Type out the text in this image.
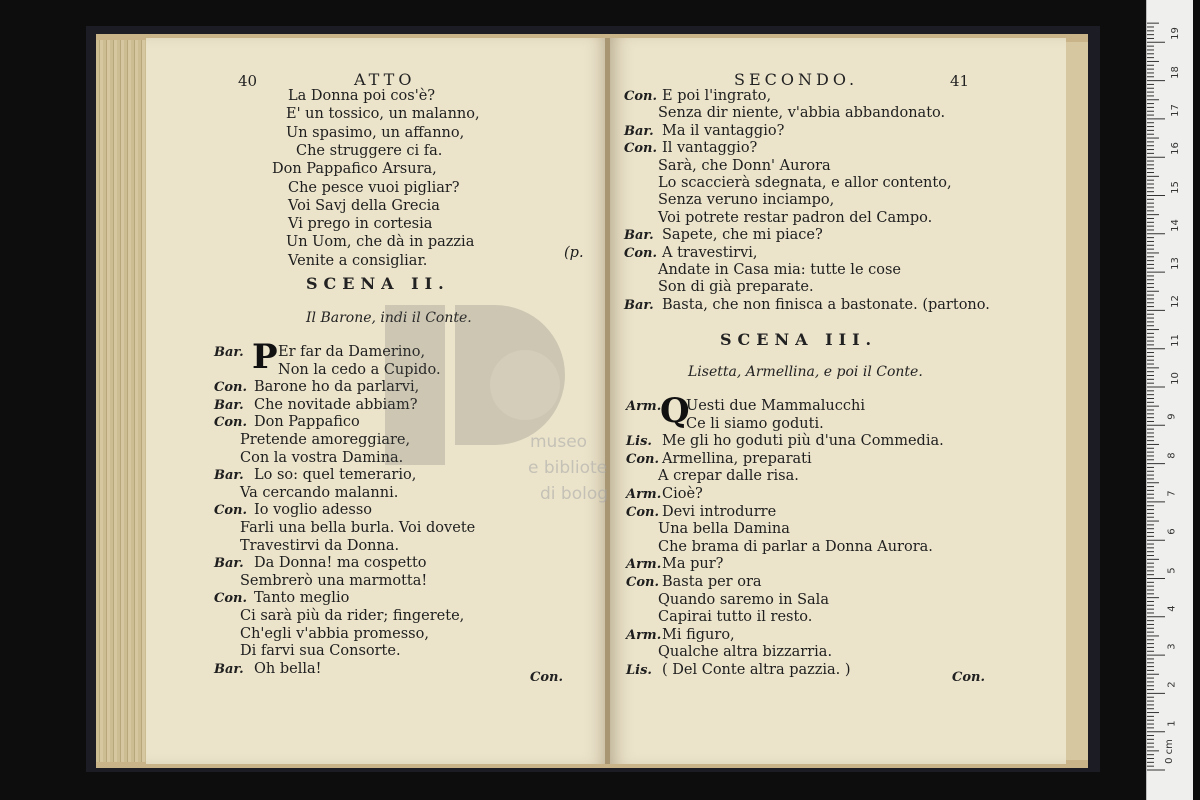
40	ATTO
La Donna poi cos'è?
E' un tossico, un malanno,
Un spasimo, un affanno,
Che struggere ci fa.
Don Pappafico Arsura,
Che pesce vuoi pigliar?
Voi Savj della Grecia
Vi prego in cortesia
Un Uom, che dà in pazzia
Venite a consigliar.	(p.
SCENA II.
Il Barone, indi il Conte.
Bar. P Er far da Damerino,
Non la cedo a Cupido.
Con. Barone ho da parlarvi,
Bar. Che novitade abbiam?
Con. Don Pappafico
Pretende amoreggiare,
Con la vostra Damina.
Bar. Lo so: quel temerario,
Va cercando malanni.
Con. Io voglio adesso
Farli una bella burla. Voi dovete
Travestirvi da Donna.
Bar. Da Donna! ma cospetto
Sembrerò una marmotta!
Con. Tanto meglio
Ci sarà più da rider; fingerete,
Ch'egli v'abbia promesso,
Di farvi sua Consorte.
Bar. Oh bella!
Con.
SECONDO.	41
Con. E poi l'ingrato,
Senza dir niente, v'abbia abbandonato.
Bar. Ma il vantaggio?
Con. Il vantaggio?
Sarà, che Donn' Aurora
Lo scaccierà sdegnata, e allor contento,
Senza veruno inciampo,
Voi potrete restar padron del Campo.
Bar. Sapete, che mi piace?
Con. A travestirvi,
Andate in Casa mia: tutte le cose
Son di già preparate.
Bar. Basta, che non finisca a bastonate. (partono.
SCENA III.
Lisetta, Armellina, e poi il Conte.
Arm.
Q
Uesti due Mammalucchi
Ce li siamo goduti.
Lis. Me gli ho goduti più d'una Commedia.
Con. Armellina, preparati
A crepar dalle risa.
Arm. Cioè?
Con. Devi introdurre
Una bella Damina
Che brama di parlar a Donna Aurora.
Arm. Ma pur?
Con. Basta per ora
Quando saremo in Sala
Capirai tutto il resto.
Arm. Mi figuro,
Qualche altra bizzarria.
Lis. ( Del Conte altra pazzia. )	Con.
museo
e bibliote
di bolog
0 cm
1
2
3
4
5
6
7
8
9
10
11
12
13
14
15
16
17
18
19
